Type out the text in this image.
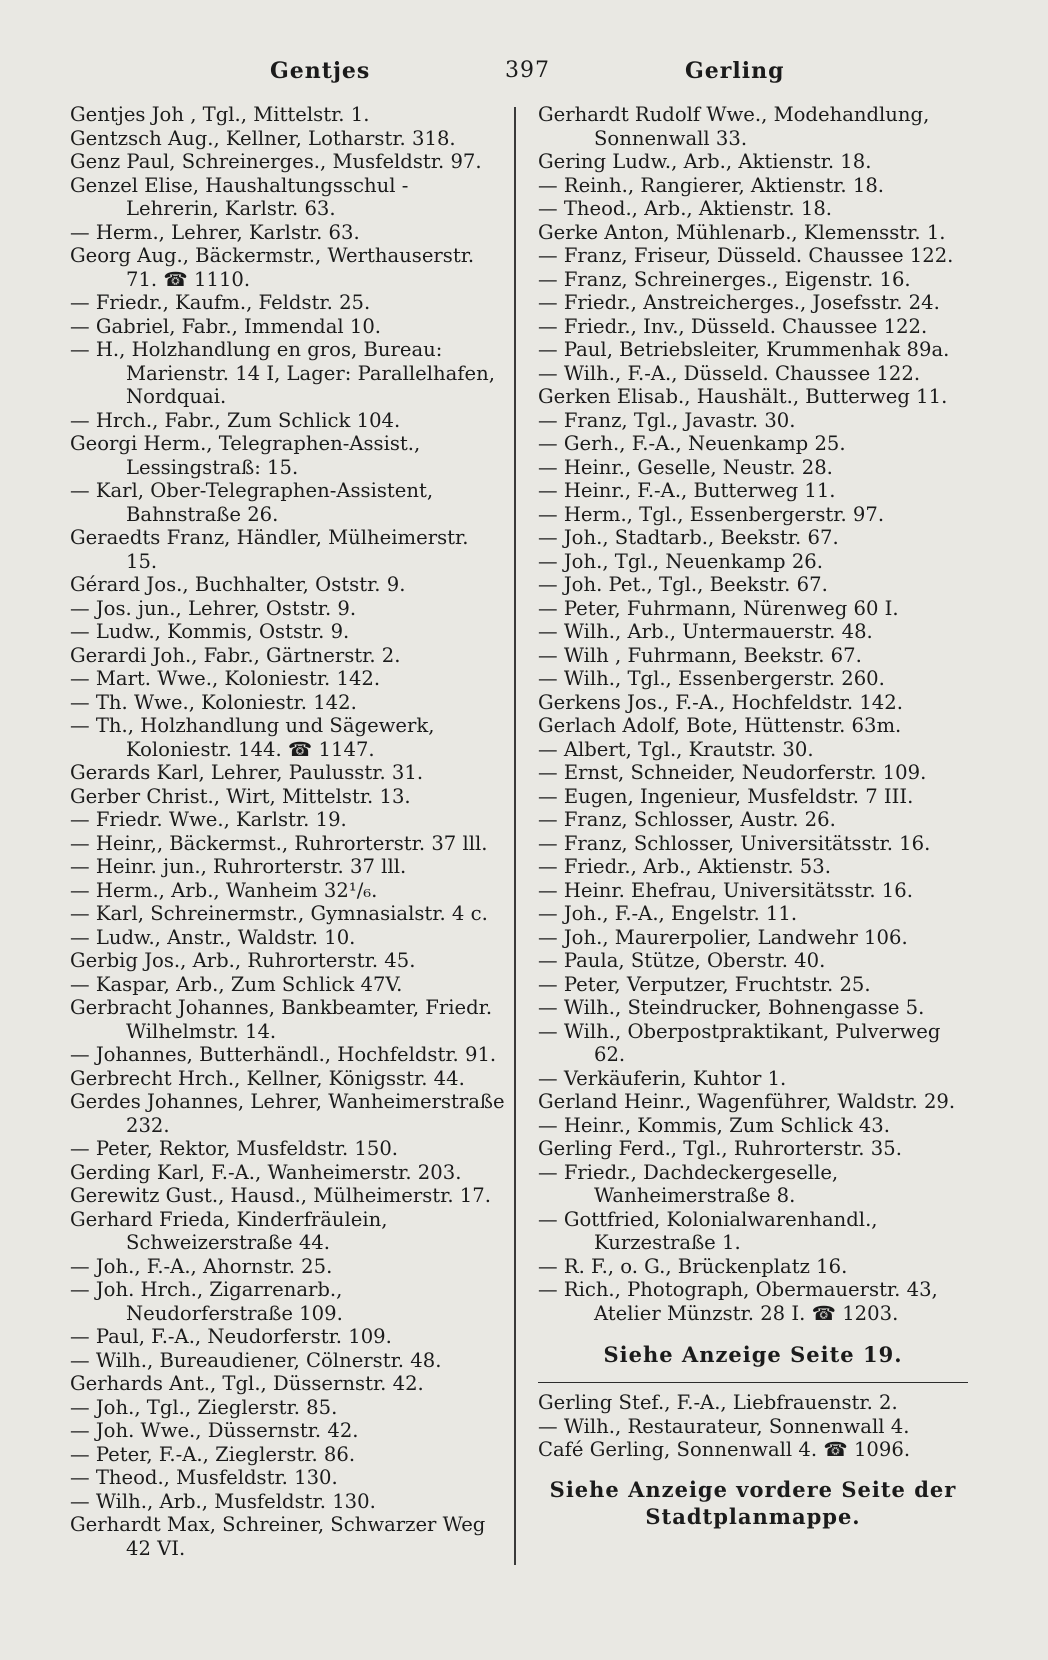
Gentjes	397	Gerling
Gentjes Joh , Tgl., Mittelstr. 1.
Gentzsch Aug., Kellner, Lotharstr. 318.
Genz Paul, Schreinerges., Musfeldstr. 97.
Genzel Elise, Haushaltungsschul - Lehrerin, Karlstr. 63.
— Herm., Lehrer, Karlstr. 63.
Georg Aug., Bäckermstr., Werthauserstr. 71. ☎ 1110.
— Friedr., Kaufm., Feldstr. 25.
— Gabriel, Fabr., Immendal 10.
— H., Holzhandlung en gros, Bureau: Marienstr. 14 I, Lager: Parallelhafen, Nordquai.
— Hrch., Fabr., Zum Schlick 104.
Georgi Herm., Telegraphen-Assist., Lessingstraß: 15.
— Karl, Ober-Telegraphen-Assistent, Bahnstraße 26.
Geraedts Franz, Händler, Mülheimerstr. 15.
Gérard Jos., Buchhalter, Oststr. 9.
— Jos. jun., Lehrer, Oststr. 9.
— Ludw., Kommis, Oststr. 9.
Gerardi Joh., Fabr., Gärtnerstr. 2.
— Mart. Wwe., Koloniestr. 142.
— Th. Wwe., Koloniestr. 142.
— Th., Holzhandlung und Sägewerk, Koloniestr. 144. ☎ 1147.
Gerards Karl, Lehrer, Paulusstr. 31.
Gerber Christ., Wirt, Mittelstr. 13.
— Friedr. Wwe., Karlstr. 19.
— Heinr,, Bäckermst., Ruhrorterstr. 37 lll.
— Heinr. jun., Ruhrorterstr. 37 lll.
— Herm., Arb., Wanheim 32¹/₆.
— Karl, Schreinermstr., Gymnasialstr. 4 c.
— Ludw., Anstr., Waldstr. 10.
Gerbig Jos., Arb., Ruhrorterstr. 45.
— Kaspar, Arb., Zum Schlick 47V.
Gerbracht Johannes, Bankbeamter, Friedr. Wilhelmstr. 14.
— Johannes, Butterhändl., Hochfeldstr. 91.
Gerbrecht Hrch., Kellner, Königsstr. 44.
Gerdes Johannes, Lehrer, Wanheimerstraße 232.
— Peter, Rektor, Musfeldstr. 150.
Gerding Karl, F.-A., Wanheimerstr. 203.
Gerewitz Gust., Hausd., Mülheimerstr. 17.
Gerhard Frieda, Kinderfräulein, Schweizerstraße 44.
— Joh., F.-A., Ahornstr. 25.
— Joh. Hrch., Zigarrenarb., Neudorferstraße 109.
— Paul, F.-A., Neudorferstr. 109.
— Wilh., Bureaudiener, Cölnerstr. 48.
Gerhards Ant., Tgl., Düssernstr. 42.
— Joh., Tgl., Zieglerstr. 85.
— Joh. Wwe., Düssernstr. 42.
— Peter, F.-A., Zieglerstr. 86.
— Theod., Musfeldstr. 130.
— Wilh., Arb., Musfeldstr. 130.
Gerhardt Max, Schreiner, Schwarzer Weg 42 VI.
Gerhardt Rudolf Wwe., Modehandlung, Sonnenwall 33.
Gering Ludw., Arb., Aktienstr. 18.
— Reinh., Rangierer, Aktienstr. 18.
— Theod., Arb., Aktienstr. 18.
Gerke Anton, Mühlenarb., Klemensstr. 1.
— Franz, Friseur, Düsseld. Chaussee 122.
— Franz, Schreinerges., Eigenstr. 16.
— Friedr., Anstreicherges., Josefsstr. 24.
— Friedr., Inv., Düsseld. Chaussee 122.
— Paul, Betriebsleiter, Krummenhak 89a.
— Wilh., F.-A., Düsseld. Chaussee 122.
Gerken Elisab., Haushält., Butterweg 11.
— Franz, Tgl., Javastr. 30.
— Gerh., F.-A., Neuenkamp 25.
— Heinr., Geselle, Neustr. 28.
— Heinr., F.-A., Butterweg 11.
— Herm., Tgl., Essenbergerstr. 97.
— Joh., Stadtarb., Beekstr. 67.
— Joh., Tgl., Neuenkamp 26.
— Joh. Pet., Tgl., Beekstr. 67.
— Peter, Fuhrmann, Nürenweg 60 I.
— Wilh., Arb., Untermauerstr. 48.
— Wilh , Fuhrmann, Beekstr. 67.
— Wilh., Tgl., Essenbergerstr. 260.
Gerkens Jos., F.-A., Hochfeldstr. 142.
Gerlach Adolf, Bote, Hüttenstr. 63m.
— Albert, Tgl., Krautstr. 30.
— Ernst, Schneider, Neudorferstr. 109.
— Eugen, Ingenieur, Musfeldstr. 7 III.
— Franz, Schlosser, Austr. 26.
— Franz, Schlosser, Universitätsstr. 16.
— Friedr., Arb., Aktienstr. 53.
— Heinr. Ehefrau, Universitätsstr. 16.
— Joh., F.-A., Engelstr. 11.
— Joh., Maurerpolier, Landwehr 106.
— Paula, Stütze, Oberstr. 40.
— Peter, Verputzer, Fruchtstr. 25.
— Wilh., Steindrucker, Bohnengasse 5.
— Wilh., Oberpostpraktikant, Pulverweg 62.
— Verkäuferin, Kuhtor 1.
Gerland Heinr., Wagenführer, Waldstr. 29.
— Heinr., Kommis, Zum Schlick 43.
Gerling Ferd., Tgl., Ruhrorterstr. 35.
— Friedr., Dachdeckergeselle, Wanheimerstraße 8.
— Gottfried, Kolonialwarenhandl., Kurzestraße 1.
— R. F., o. G., Brückenplatz 16.
— Rich., Photograph, Obermauerstr. 43, Atelier Münzstr. 28 I. ☎ 1203.
Siehe Anzeige Seite 19.
Gerling Stef., F.-A., Liebfrauenstr. 2.
— Wilh., Restaurateur, Sonnenwall 4.
Café Gerling, Sonnenwall 4. ☎ 1096.
Siehe Anzeige vordere Seite der Stadtplanmappe.
